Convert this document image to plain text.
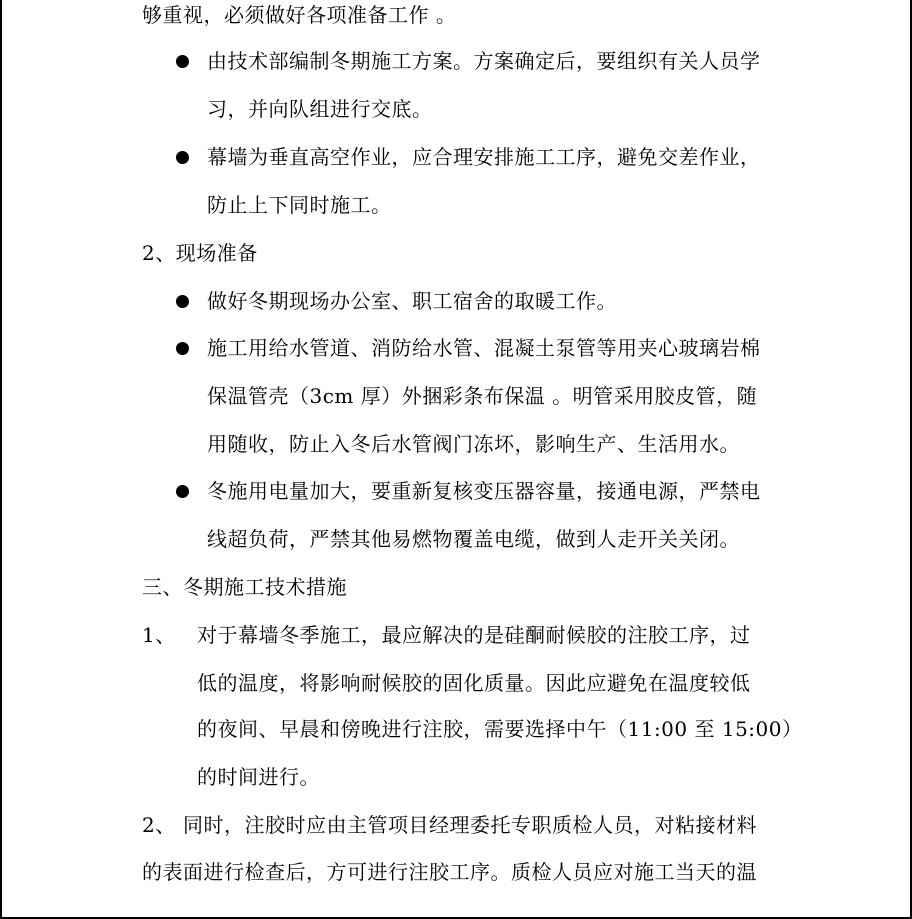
够重视，必须做好各项准备工作 。
由技术部编制冬期施工方案。方案确定后，要组织有关人员学
习，并向队组进行交底。
幕墙为垂直高空作业，应合理安排施工工序，避免交差作业，
防止上下同时施工。
2、现场准备
做好冬期现场办公室、职工宿舍的取暖工作。
施工用给水管道、消防给水管、混凝土泵管等用夹心玻璃岩棉
保温管壳（3cm 厚）外捆彩条布保温 。明管采用胶皮管，随
用随收，防止入冬后水管阀门冻坏，影响生产、生活用水。
冬施用电量加大，要重新复核变压器容量，接通电源，严禁电
线超负荷，严禁其他易燃物覆盖电缆，做到人走开关关闭。
三、冬期施工技术措施
1、 对于幕墙冬季施工，最应解决的是硅酮耐候胶的注胶工序，过
低的温度，将影响耐候胶的固化质量。因此应避免在温度较低
的夜间、早晨和傍晚进行注胶，需要选择中午（11:00 至 15:00）
的时间进行。
2、 同时，注胶时应由主管项目经理委托专职质检人员，对粘接材料
的表面进行检查后，方可进行注胶工序。质检人员应对施工当天的温
